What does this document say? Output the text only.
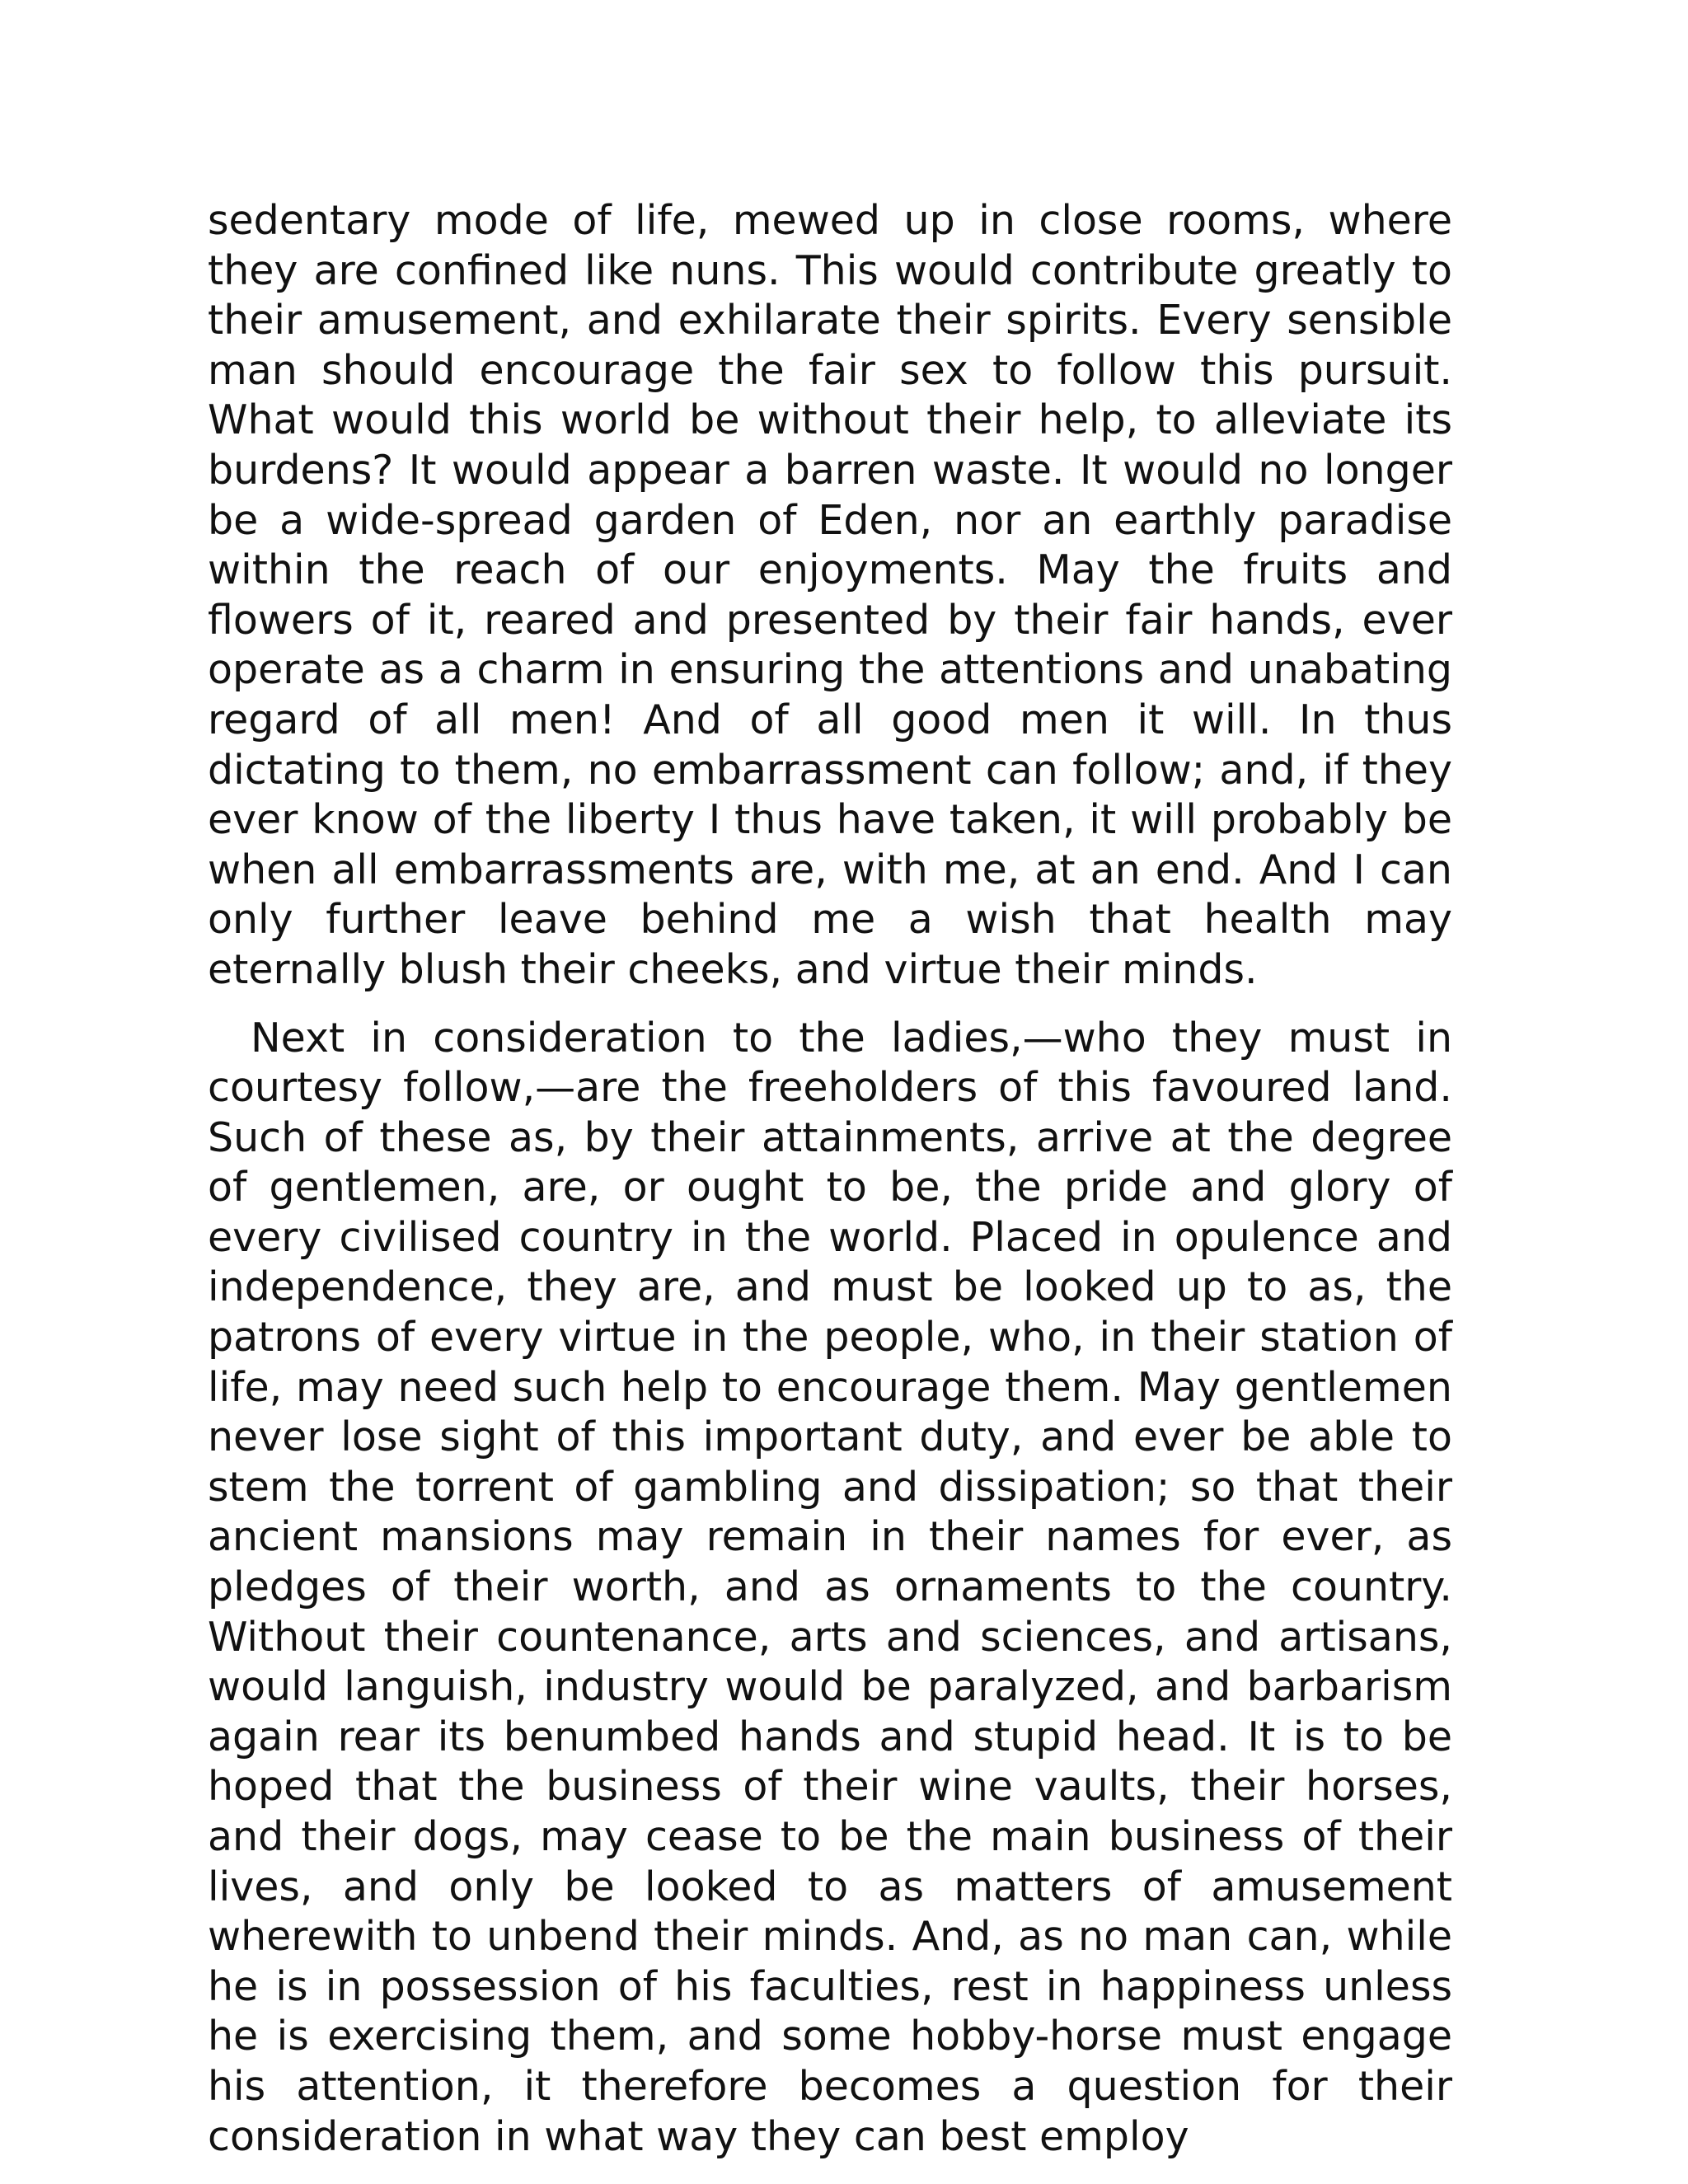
sedentary mode of life, mewed up in close rooms, where they are confined like nuns. This would contribute greatly to their amusement, and exhilarate their spirits. Every sensible man should encourage the fair sex to follow this pursuit. What would this world be without their help, to alleviate its burdens? It would appear a barren waste. It would no longer be a wide-spread garden of Eden, nor an earthly paradise within the reach of our enjoyments. May the fruits and flowers of it, reared and presented by their fair hands, ever operate as a charm in ensuring the attentions and unabating regard of all men! And of all good men it will. In thus dictating to them, no embarrassment can follow; and, if they ever know of the liberty I thus have taken, it will probably be when all embarrassments are, with me, at an end. And I can only further leave behind me a wish that health may eternally blush their cheeks, and virtue their minds.

Next in consideration to the ladies,—who they must in courtesy follow,—are the freeholders of this favoured land. Such of these as, by their attainments, arrive at the degree of gentlemen, are, or ought to be, the pride and glory of every civilised country in the world. Placed in opulence and independence, they are, and must be looked up to as, the patrons of every virtue in the people, who, in their station of life, may need such help to encourage them. May gentlemen never lose sight of this important duty, and ever be able to stem the torrent of gambling and dissipation; so that their ancient mansions may remain in their names for ever, as pledges of their worth, and as ornaments to the country. Without their countenance, arts and sciences, and artisans, would languish, industry would be paralyzed, and barbarism again rear its benumbed hands and stupid head. It is to be hoped that the business of their wine vaults, their horses, and their dogs, may cease to be the main business of their lives, and only be looked to as matters of amusement wherewith to unbend their minds. And, as no man can, while he is in possession of his faculties, rest in happiness unless he is exercising them, and some hobby-horse must engage his attention, it therefore becomes a question for their consideration in what way they can best employ
